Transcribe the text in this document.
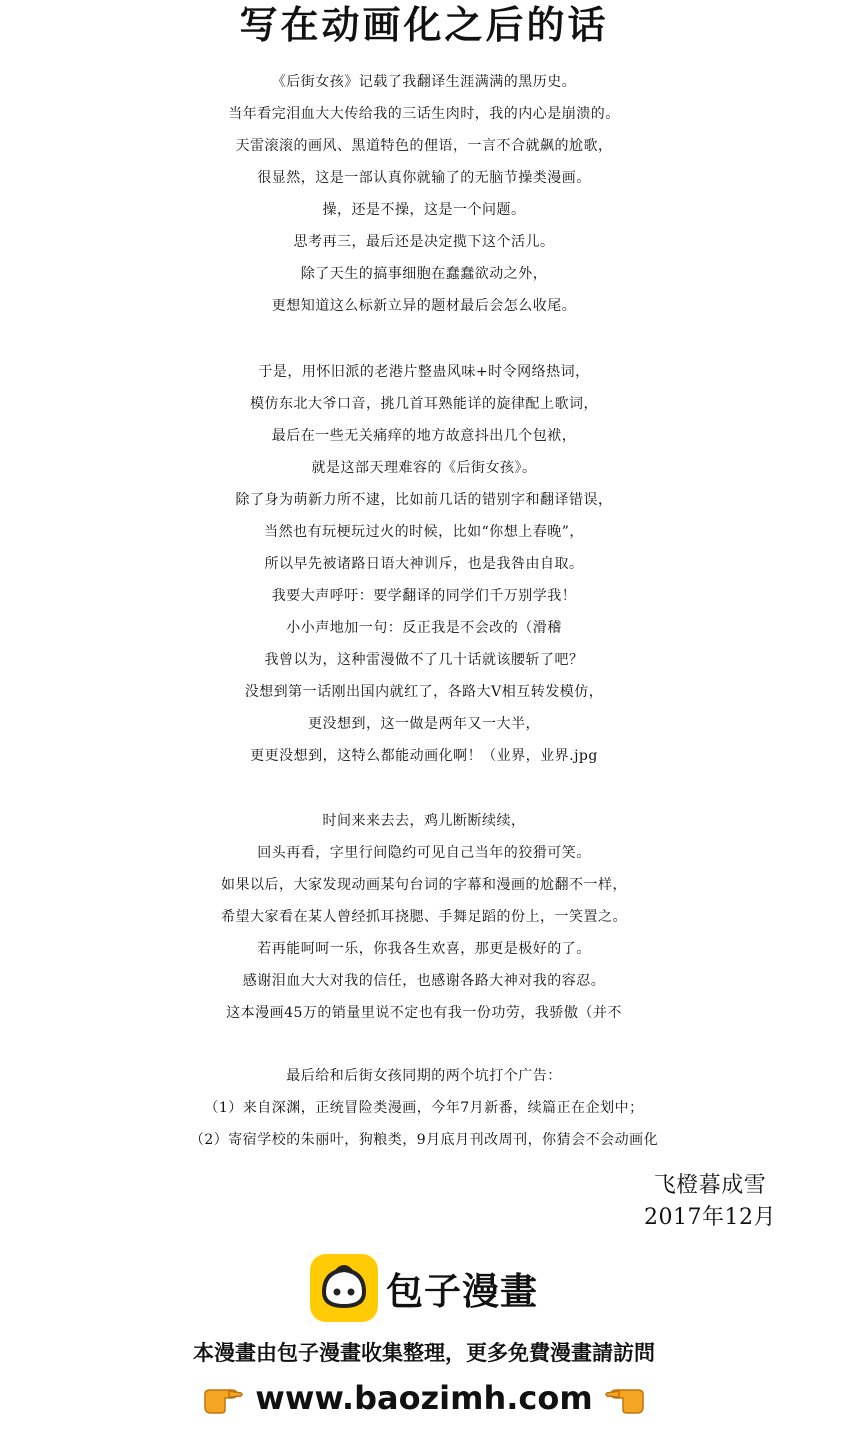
写在动画化之后的话
《后街女孩》记载了我翻译生涯满满的黑历史。
当年看完泪血大大传给我的三话生肉时，我的内心是崩溃的。
天雷滚滚的画风、黑道特色的俚语，一言不合就飙的尬歌，
很显然，这是一部认真你就输了的无脑节操类漫画。
操，还是不操，这是一个问题。
思考再三，最后还是决定揽下这个活儿。
除了天生的搞事细胞在蠢蠢欲动之外，
更想知道这么标新立异的题材最后会怎么收尾。
于是，用怀旧派的老港片整蛊风味+时令网络热词，
模仿东北大爷口音，挑几首耳熟能详的旋律配上歌词，
最后在一些无关痛痒的地方故意抖出几个包袱，
就是这部天理难容的《后街女孩》。
除了身为萌新力所不逮，比如前几话的错别字和翻译错误，
当然也有玩梗玩过火的时候，比如“你想上春晚”，
所以早先被诸路日语大神训斥，也是我咎由自取。
我要大声呼吁：要学翻译的同学们千万别学我！
小小声地加一句：反正我是不会改的（滑稽
我曾以为，这种雷漫做不了几十话就该腰斩了吧？
没想到第一话刚出国内就红了，各路大V相互转发模仿，
更没想到，这一做是两年又一大半，
更更没想到，这特么都能动画化啊！（业界，业界.jpg
时间来来去去，鸡儿断断续续，
回头再看，字里行间隐约可见自己当年的狡猾可笑。
如果以后，大家发现动画某句台词的字幕和漫画的尬翻不一样，
希望大家看在某人曾经抓耳挠腮、手舞足蹈的份上，一笑置之。
若再能呵呵一乐，你我各生欢喜，那更是极好的了。
感谢泪血大大对我的信任，也感谢各路大神对我的容忍。
这本漫画45万的销量里说不定也有我一份功劳，我骄傲（并不
最后给和后街女孩同期的两个坑打个广告：
（1）来自深渊，正统冒险类漫画，今年7月新番，续篇正在企划中；
（2）寄宿学校的朱丽叶，狗粮类，9月底月刊改周刊，你猜会不会动画化
飞橙暮成雪
2017年12月
包子漫畫
本漫畫由包子漫畫收集整理，更多免費漫畫請訪問
www.baozimh.com
